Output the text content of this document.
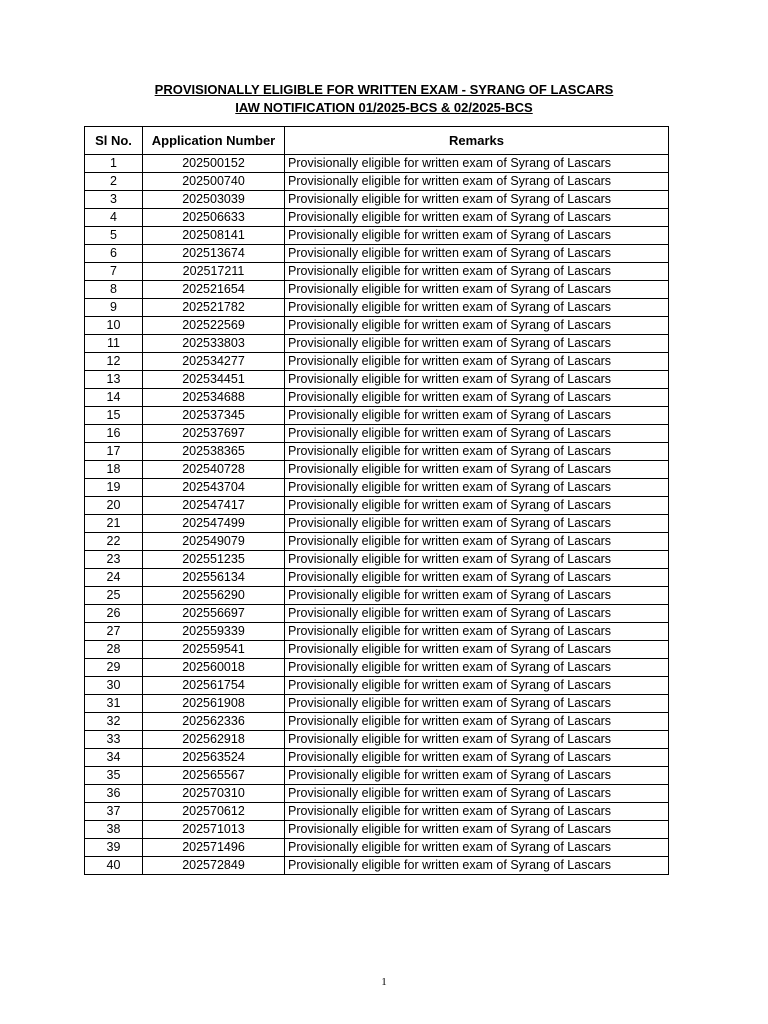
PROVISIONALLY ELIGIBLE FOR WRITTEN EXAM - SYRANG OF LASCARS
IAW NOTIFICATION 01/2025-BCS & 02/2025-BCS
Sl No.	Application Number	Remarks
1	202500152	Provisionally eligible for written exam of Syrang of Lascars
2	202500740	Provisionally eligible for written exam of Syrang of Lascars
3	202503039	Provisionally eligible for written exam of Syrang of Lascars
4	202506633	Provisionally eligible for written exam of Syrang of Lascars
5	202508141	Provisionally eligible for written exam of Syrang of Lascars
6	202513674	Provisionally eligible for written exam of Syrang of Lascars
7	202517211	Provisionally eligible for written exam of Syrang of Lascars
8	202521654	Provisionally eligible for written exam of Syrang of Lascars
9	202521782	Provisionally eligible for written exam of Syrang of Lascars
10	202522569	Provisionally eligible for written exam of Syrang of Lascars
11	202533803	Provisionally eligible for written exam of Syrang of Lascars
12	202534277	Provisionally eligible for written exam of Syrang of Lascars
13	202534451	Provisionally eligible for written exam of Syrang of Lascars
14	202534688	Provisionally eligible for written exam of Syrang of Lascars
15	202537345	Provisionally eligible for written exam of Syrang of Lascars
16	202537697	Provisionally eligible for written exam of Syrang of Lascars
17	202538365	Provisionally eligible for written exam of Syrang of Lascars
18	202540728	Provisionally eligible for written exam of Syrang of Lascars
19	202543704	Provisionally eligible for written exam of Syrang of Lascars
20	202547417	Provisionally eligible for written exam of Syrang of Lascars
21	202547499	Provisionally eligible for written exam of Syrang of Lascars
22	202549079	Provisionally eligible for written exam of Syrang of Lascars
23	202551235	Provisionally eligible for written exam of Syrang of Lascars
24	202556134	Provisionally eligible for written exam of Syrang of Lascars
25	202556290	Provisionally eligible for written exam of Syrang of Lascars
26	202556697	Provisionally eligible for written exam of Syrang of Lascars
27	202559339	Provisionally eligible for written exam of Syrang of Lascars
28	202559541	Provisionally eligible for written exam of Syrang of Lascars
29	202560018	Provisionally eligible for written exam of Syrang of Lascars
30	202561754	Provisionally eligible for written exam of Syrang of Lascars
31	202561908	Provisionally eligible for written exam of Syrang of Lascars
32	202562336	Provisionally eligible for written exam of Syrang of Lascars
33	202562918	Provisionally eligible for written exam of Syrang of Lascars
34	202563524	Provisionally eligible for written exam of Syrang of Lascars
35	202565567	Provisionally eligible for written exam of Syrang of Lascars
36	202570310	Provisionally eligible for written exam of Syrang of Lascars
37	202570612	Provisionally eligible for written exam of Syrang of Lascars
38	202571013	Provisionally eligible for written exam of Syrang of Lascars
39	202571496	Provisionally eligible for written exam of Syrang of Lascars
40	202572849	Provisionally eligible for written exam of Syrang of Lascars
1
